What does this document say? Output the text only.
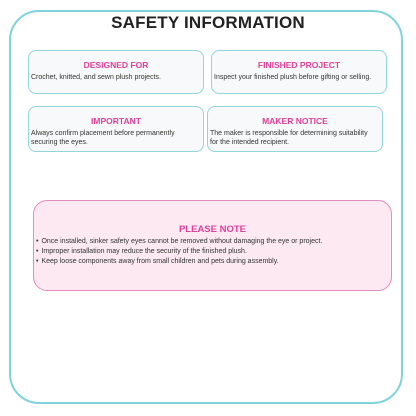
SAFETY INFORMATION
DESIGNED FOR
Crochet, knitted, and sewn plush projects.
FINISHED PROJECT
Inspect your finished plush before gifting or selling.
IMPORTANT
Always confirm placement before permanently securing the eyes.
MAKER NOTICE
The maker is responsible for determining suitability for the intended recipient.
PLEASE NOTE
• Once installed, sinker safety eyes cannot be removed without damaging the eye or project.
• Improper installation may reduce the security of the finished plush.
• Keep loose components away from small children and pets during assembly.
